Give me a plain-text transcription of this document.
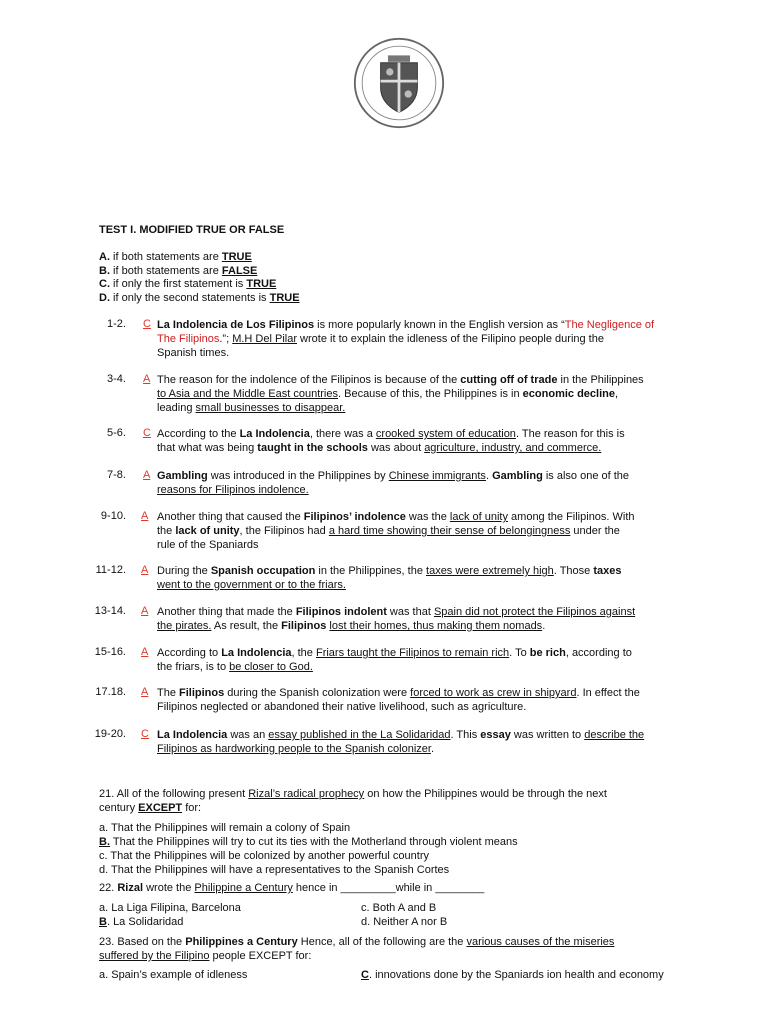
TEST I. MODIFIED TRUE OR FALSE
A. if both statements are TRUE
B. if both statements are FALSE
C. if only the first statement is TRUE
D. if only the second statements is TRUE
1-2. C La Indolencia de Los Filipinos is more popularly known in the English version as “The Negligence of
The Filipinos.”; M.H Del Pilar wrote it to explain the idleness of the Filipino people during the
Spanish times.
3-4. A The reason for the indolence of the Filipinos is because of the cutting off of trade in the Philippines
to Asia and the Middle East countries. Because of this, the Philippines is in economic decline,
leading small businesses to disappear.
5-6. C According to the La Indolencia, there was a crooked system of education. The reason for this is
that what was being taught in the schools was about agriculture, industry, and commerce.
7-8. A Gambling was introduced in the Philippines by Chinese immigrants. Gambling is also one of the
reasons for Filipinos indolence.
9-10. A Another thing that caused the Filipinos’ indolence was the lack of unity among the Filipinos. With
the lack of unity, the Filipinos had a hard time showing their sense of belongingness under the
rule of the Spaniards
11-12. A During the Spanish occupation in the Philippines, the taxes were extremely high. Those taxes
went to the government or to the friars.
13-14. A Another thing that made the Filipinos indolent was that Spain did not protect the Filipinos against
the pirates. As result, the Filipinos lost their homes, thus making them nomads.
15-16. A According to La Indolencia, the Friars taught the Filipinos to remain rich. To be rich, according to
the friars, is to be closer to God.
17.18. A The Filipinos during the Spanish colonization were forced to work as crew in shipyard. In effect the
Filipinos neglected or abandoned their native livelihood, such as agriculture.
19-20. C La Indolencia was an essay published in the La Solidaridad. This essay was written to describe the
Filipinos as hardworking people to the Spanish colonizer.
21. All of the following present Rizal’s radical prophecy on how the Philippines would be through the next
century EXCEPT for:
a. That the Philippines will remain a colony of Spain
B. That the Philippines will try to cut its ties with the Motherland through violent means
c. That the Philippines will be colonized by another powerful country
d. That the Philippines will have a representatives to the Spanish Cortes
22. Rizal wrote the Philippine a Century hence in _________while in ________
a. La Liga Filipina, Barcelona	c. Both A and B
B. La Solidaridad	d. Neither A nor B
23. Based on the Philippines a Century Hence, all of the following are the various causes of the miseries
suffered by the Filipino people EXCEPT for:
a. Spain’s example of idleness	C. innovations done by the Spaniards ion health and economy
